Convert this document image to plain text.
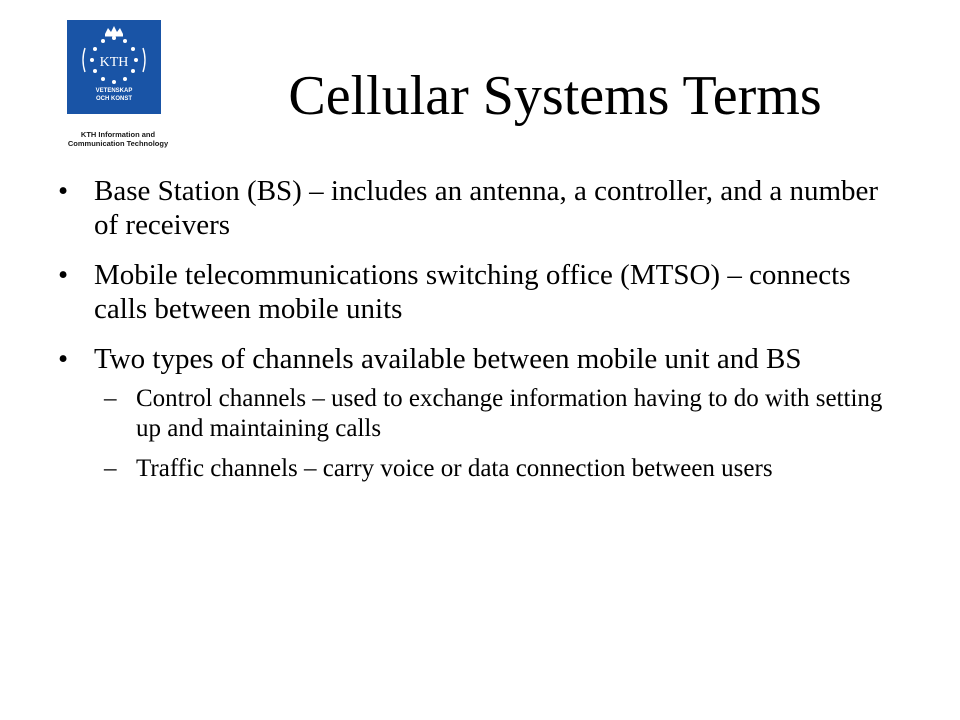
KTH
VETENSKAP
OCH KONST
KTH Information and
Communication Technology
Cellular Systems Terms
• Base Station (BS) – includes an antenna, a controller, and a number of receivers
• Mobile telecommunications switching office (MTSO) – connects calls between mobile units
• Two types of channels available between mobile unit and BS
– Control channels – used to exchange information having to do with setting up and maintaining calls
– Traffic channels – carry voice or data connection between users
